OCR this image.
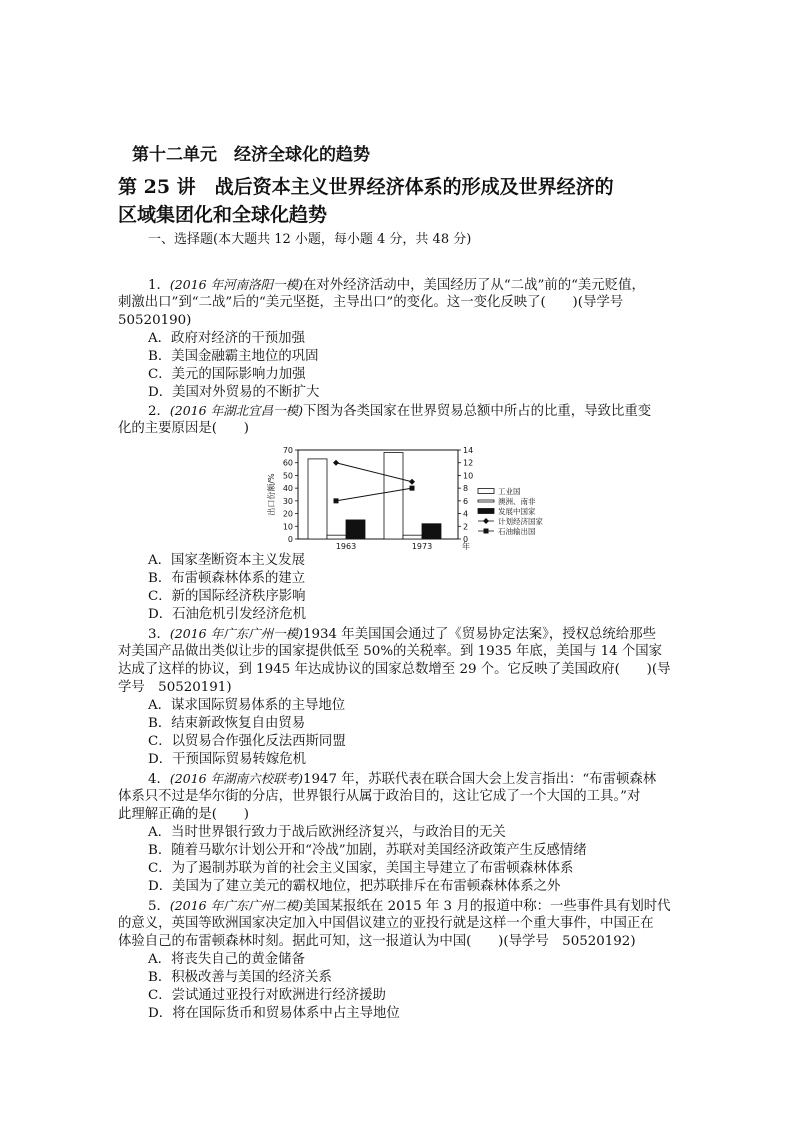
第十二单元　经济全球化的趋势
第 25 讲　战后资本主义世界经济体系的形成及世界经济的
区域集团化和全球化趋势
一、选择题(本大题共 12 小题，每小题 4 分，共 48 分)
1．(2016 年河南洛阳一模)在对外经济活动中，美国经历了从“二战”前的“美元贬值，
刺激出口”到“二战”后的“美元坚挺，主导出口”的变化。这一变化反映了(　　)(导学号
50520190)
A．政府对经济的干预加强
B．美国金融霸主地位的巩固
C．美元的国际影响力加强
D．美国对外贸易的不断扩大
2．(2016 年湖北宜昌一模)下图为各类国家在世界贸易总额中所占的比重，导致比重变
化的主要原因是(　　)
0
10
20
30
40
50
60
70
0
2
4
6
8
10
12
14
出口份额/%
1963	1973	年
工业国
澳洲、南非
发展中国家
计划经济国家
石油输出国
A．国家垄断资本主义发展
B．布雷顿森林体系的建立
C．新的国际经济秩序影响
D．石油危机引发经济危机
3．(2016 年广东广州一模)1934 年美国国会通过了《贸易协定法案》，授权总统给那些
对美国产品做出类似让步的国家提供低至 50%的关税率。到 1935 年底，美国与 14 个国家
达成了这样的协议，到 1945 年达成协议的国家总数增至 29 个。它反映了美国政府(　　)(导
学号　50520191)
A．谋求国际贸易体系的主导地位
B．结束新政恢复自由贸易
C．以贸易合作强化反法西斯同盟
D．干预国际贸易转嫁危机
4．(2016 年湖南六校联考)1947 年，苏联代表在联合国大会上发言指出：“布雷顿森林
体系只不过是华尔街的分店，世界银行从属于政治目的，这让它成了一个大国的工具。”对
此理解正确的是(　　)
A．当时世界银行致力于战后欧洲经济复兴，与政治目的无关
B．随着马歇尔计划公开和“冷战”加剧，苏联对美国经济政策产生反感情绪
C．为了遏制苏联为首的社会主义国家，美国主导建立了布雷顿森林体系
D．美国为了建立美元的霸权地位，把苏联排斥在布雷顿森林体系之外
5．(2016 年广东广州二模)美国某报纸在 2015 年 3 月的报道中称：一些事件具有划时代
的意义，英国等欧洲国家决定加入中国倡议建立的亚投行就是这样一个重大事件，中国正在
体验自己的布雷顿森林时刻。据此可知，这一报道认为中国(　　)(导学号　50520192)
A．将丧失自己的黄金储备
B．积极改善与美国的经济关系
C．尝试通过亚投行对欧洲进行经济援助
D．将在国际货币和贸易体系中占主导地位
